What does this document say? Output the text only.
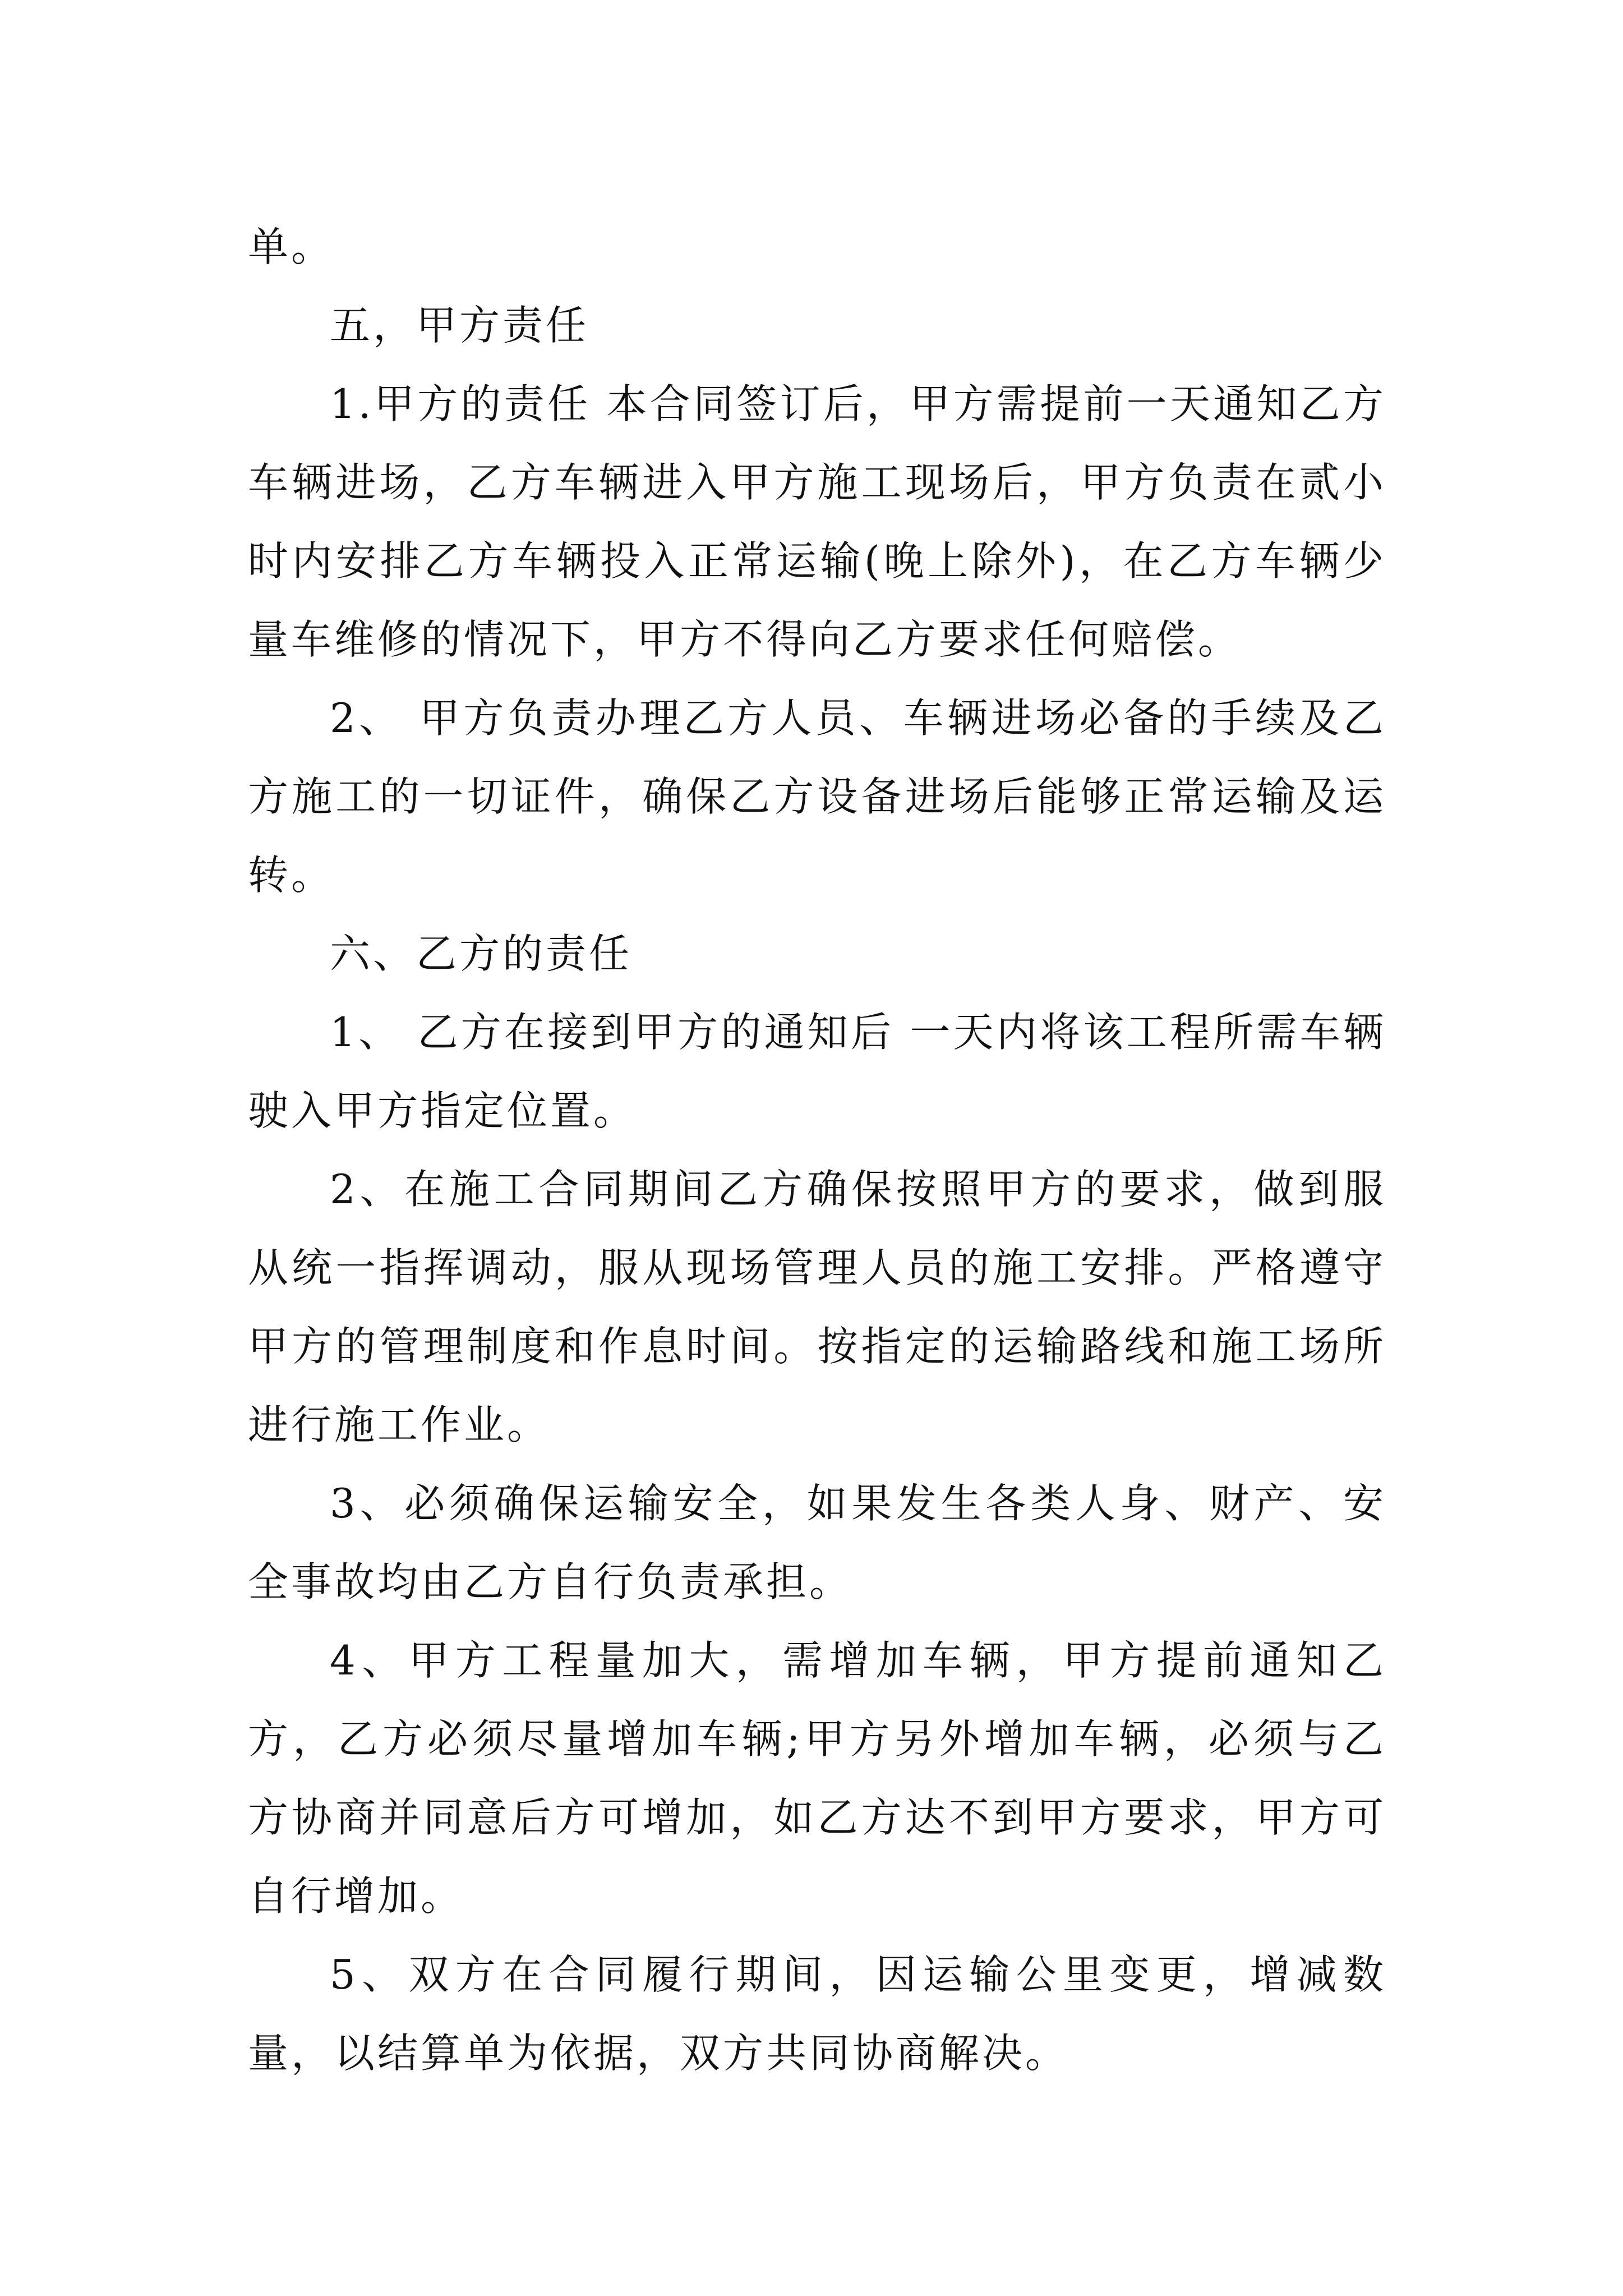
单。

五，甲方责任

1.甲方的责任 本合同签订后，甲方需提前一天通知乙方车辆进场，乙方车辆进入甲方施工现场后，甲方负责在贰小时内安排乙方车辆投入正常运输(晚上除外)，在乙方车辆少量车维修的情况下，甲方不得向乙方要求任何赔偿。

2、 甲方负责办理乙方人员、车辆进场必备的手续及乙方施工的一切证件，确保乙方设备进场后能够正常运输及运转。

六、乙方的责任

1、 乙方在接到甲方的通知后 一天内将该工程所需车辆驶入甲方指定位置。

2、在施工合同期间乙方确保按照甲方的要求，做到服从统一指挥调动，服从现场管理人员的施工安排。严格遵守甲方的管理制度和作息时间。按指定的运输路线和施工场所进行施工作业。

3、必须确保运输安全，如果发生各类人身、财产、安全事故均由乙方自行负责承担。

4、甲方工程量加大，需增加车辆，甲方提前通知乙方，乙方必须尽量增加车辆;甲方另外增加车辆，必须与乙方协商并同意后方可增加，如乙方达不到甲方要求，甲方可自行增加。

5、双方在合同履行期间，因运输公里变更，增减数量，以结算单为依据，双方共同协商解决。
